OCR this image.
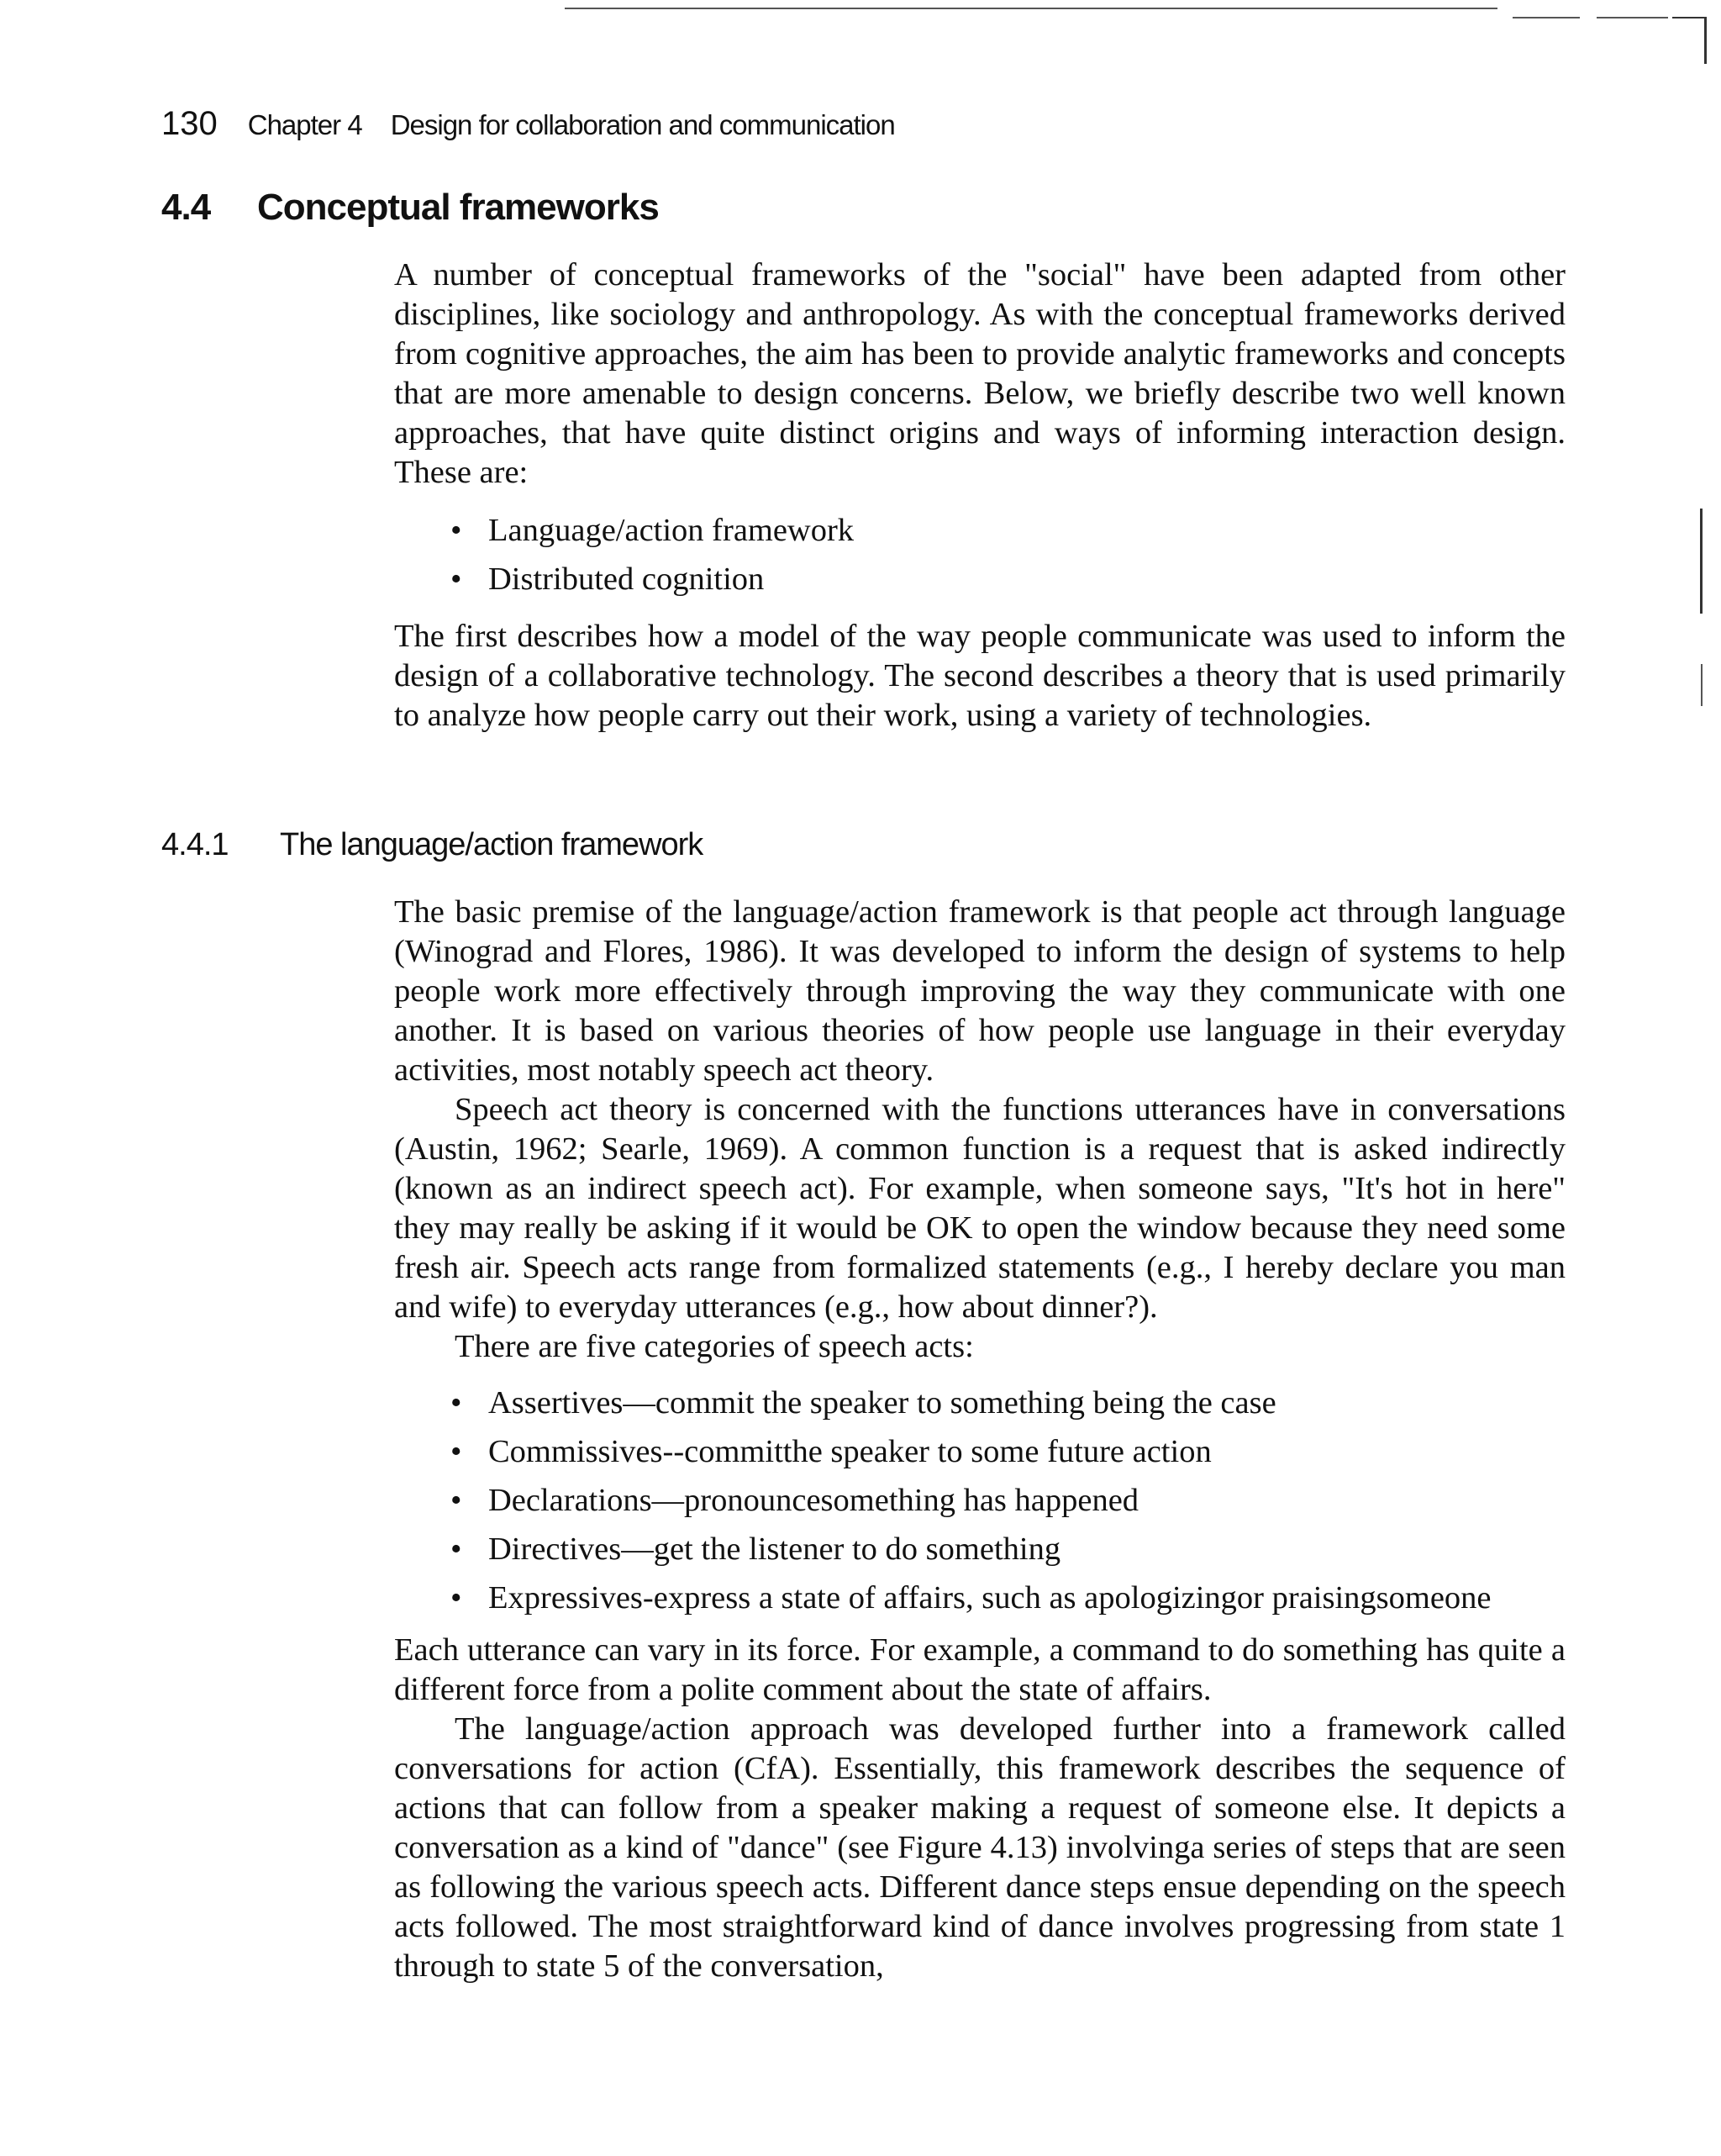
130 Chapter 4 Design for collaboration and communication
4.4 Conceptual frameworks

A number of conceptual frameworks of the "social" have been adapted from other disciplines, like sociology and anthropology. As with the conceptual frameworks derived from cognitive approaches, the aim has been to provide analytic frameworks and concepts that are more amenable to design concerns. Below, we briefly describe two well known approaches, that have quite distinct origins and ways of informing interaction design. These are:

• Language/action framework
• Distributed cognition

The first describes how a model of the way people communicate was used to inform the design of a collaborative technology. The second describes a theory that is used primarily to analyze how people carry out their work, using a variety of technologies.

4.4.1 The language/action framework

The basic premise of the language/action framework is that people act through language (Winograd and Flores, 1986). It was developed to inform the design of systems to help people work more effectively through improving the way they communicate with one another. It is based on various theories of how people use language in their everyday activities, most notably speech act theory.

Speech act theory is concerned with the functions utterances have in conversations (Austin, 1962; Searle, 1969). A common function is a request that is asked indirectly (known as an indirect speech act). For example, when someone says, "It's hot in here" they may really be asking if it would be OK to open the window because they need some fresh air. Speech acts range from formalized statements (e.g., I hereby declare you man and wife) to everyday utterances (e.g., how about dinner?).

There are five categories of speech acts:

• Assertives—commit the speaker to something being the case
• Commissives--committhe speaker to some future action
• Declarations—pronouncesomething has happened
• Directives—get the listener to do something
• Expressives-express a state of affairs, such as apologizingor praisingsomeone

Each utterance can vary in its force. For example, a command to do something has quite a different force from a polite comment about the state of affairs.

The language/action approach was developed further into a framework called conversations for action (CfA). Essentially, this framework describes the sequence of actions that can follow from a speaker making a request of someone else. It depicts a conversation as a kind of "dance" (see Figure 4.13) involvinga series of steps that are seen as following the various speech acts. Different dance steps ensue depending on the speech acts followed. The most straightforward kind of dance involves progressing from state 1 through to state 5 of the conversation,
